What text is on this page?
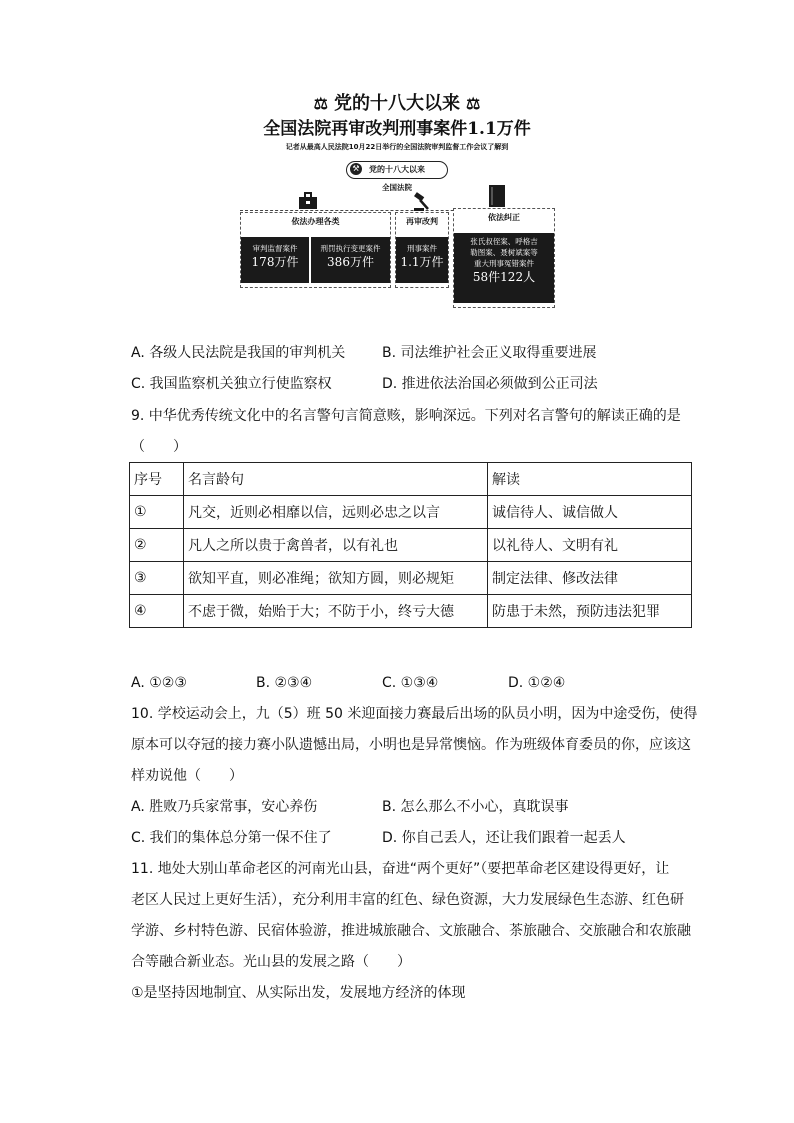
⚖ 党的十八大以来 ⚖
全国法院再审改判刑事案件1.1万件
记者从最高人民法院10月22日举行的全国法院审判监督工作会议了解到
⚒	党的十八大以来
全国法院
依法办理各类
审判监督案件
178万件
刑罚执行变更案件
386万件
再审改判
刑事案件
1.1万件
依法纠正
张氏叔侄案、呼格吉
勒图案、聂树斌案等
重大刑事冤错案件
58件122人
A. 各级人民法院是我国的审判机关	B. 司法维护社会正义取得重要进展
C. 我国监察机关独立行使监察权	D. 推进依法治国必须做到公正司法
9. 中华优秀传统文化中的名言警句言简意赅，影响深远。下列对名言警句的解读正确的是
（　　）
序号	名言龄句	解读
①	凡交，近则必相靡以信，远则必忠之以言	诚信待人、诚信做人
②	凡人之所以贵于禽兽者，以有礼也	以礼待人、文明有礼
③	欲知平直，则必准绳；欲知方圆，则必规矩	制定法律、修改法律
④	不虑于微，始贻于大；不防于小，终亏大德	防患于未然，预防违法犯罪
A. ①②③	B. ②③④	C. ①③④	D. ①②④
10. 学校运动会上，九（5）班 50 米迎面接力赛最后出场的队员小明，因为中途受伤，使得
原本可以夺冠的接力赛小队遗憾出局，小明也是异常懊恼。作为班级体育委员的你，应该这
样劝说他（　　）
A. 胜败乃兵家常事，安心养伤	B. 怎么那么不小心，真耽误事
C. 我们的集体总分第一保不住了	D. 你自己丢人，还让我们跟着一起丢人
11. 地处大别山革命老区的河南光山县，奋进“两个更好”（要把革命老区建设得更好，让
老区人民过上更好生活），充分利用丰富的红色、绿色资源，大力发展绿色生态游、红色研
学游、乡村特色游、民宿体验游，推进城旅融合、文旅融合、茶旅融合、交旅融合和农旅融
合等融合新业态。光山县的发展之路（　　）
①是坚持因地制宜、从实际出发，发展地方经济的体现
